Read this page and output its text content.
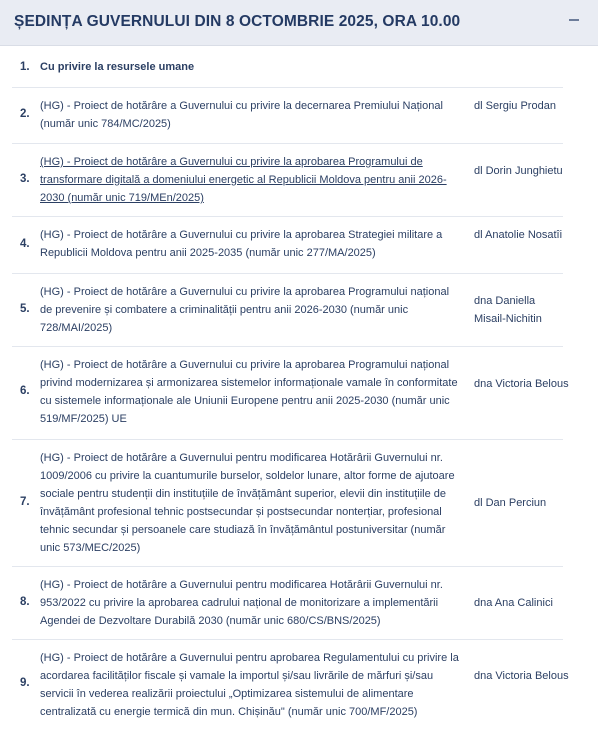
ȘEDINȚA GUVERNULUI DIN 8 OCTOMBRIE 2025, ORA 10.00
1. Cu privire la resursele umane
2.
(HG) - Proiect de hotărâre a Guvernului cu privire la decernarea Premiului Național (număr unic 784/MC/2025)
dl Sergiu Prodan
3.
(HG) - Proiect de hotărâre a Guvernului cu privire la aprobarea Programului de transformare digitală a domeniului energetic al Republicii Moldova pentru anii 2026-2030 (număr unic 719/MEn/2025)
dl Dorin Junghietu
4.
(HG) - Proiect de hotărâre a Guvernului cu privire la aprobarea Strategiei militare a Republicii Moldova pentru anii 2025-2035 (număr unic 277/MA/2025)
dl Anatolie Nosatîi
5.
(HG) - Proiect de hotărâre a Guvernului cu privire la aprobarea Programului național de prevenire și combatere a criminalității pentru anii 2026-2030 (număr unic 728/MAI/2025)
dna Daniella Misail-Nichitin
6.
(HG) - Proiect de hotărâre a Guvernului cu privire la aprobarea Programului național privind modernizarea și armonizarea sistemelor informaționale vamale în conformitate cu sistemele informaționale ale Uniunii Europene pentru anii 2025-2030 (număr unic 519/MF/2025) UE
dna Victoria Belous
7.
(HG) - Proiect de hotărâre a Guvernului pentru modificarea Hotărârii Guvernului nr. 1009/2006 cu privire la cuantumurile burselor, soldelor lunare, altor forme de ajutoare sociale pentru studenții din instituțiile de învățământ superior, elevii din instituțiile de învățământ profesional tehnic postsecundar și postsecundar nonterțiar, profesional tehnic secundar și persoanele care studiază în învățământul postuniversitar (număr unic 573/MEC/2025)
dl Dan Perciun
8.
(HG) - Proiect de hotărâre a Guvernului pentru modificarea Hotărârii Guvernului nr. 953/2022 cu privire la aprobarea cadrului național de monitorizare a implementării Agendei de Dezvoltare Durabilă 2030 (număr unic 680/CS/BNS/2025)
dna Ana Calinici
9.
(HG) - Proiect de hotărâre a Guvernului pentru aprobarea Regulamentului cu privire la acordarea facilităților fiscale și vamale la importul și/sau livrările de mărfuri și/sau servicii în vederea realizării proiectului „Optimizarea sistemului de alimentare centralizată cu energie termică din mun. Chișinău" (număr unic 700/MF/2025)
dna Victoria Belous
